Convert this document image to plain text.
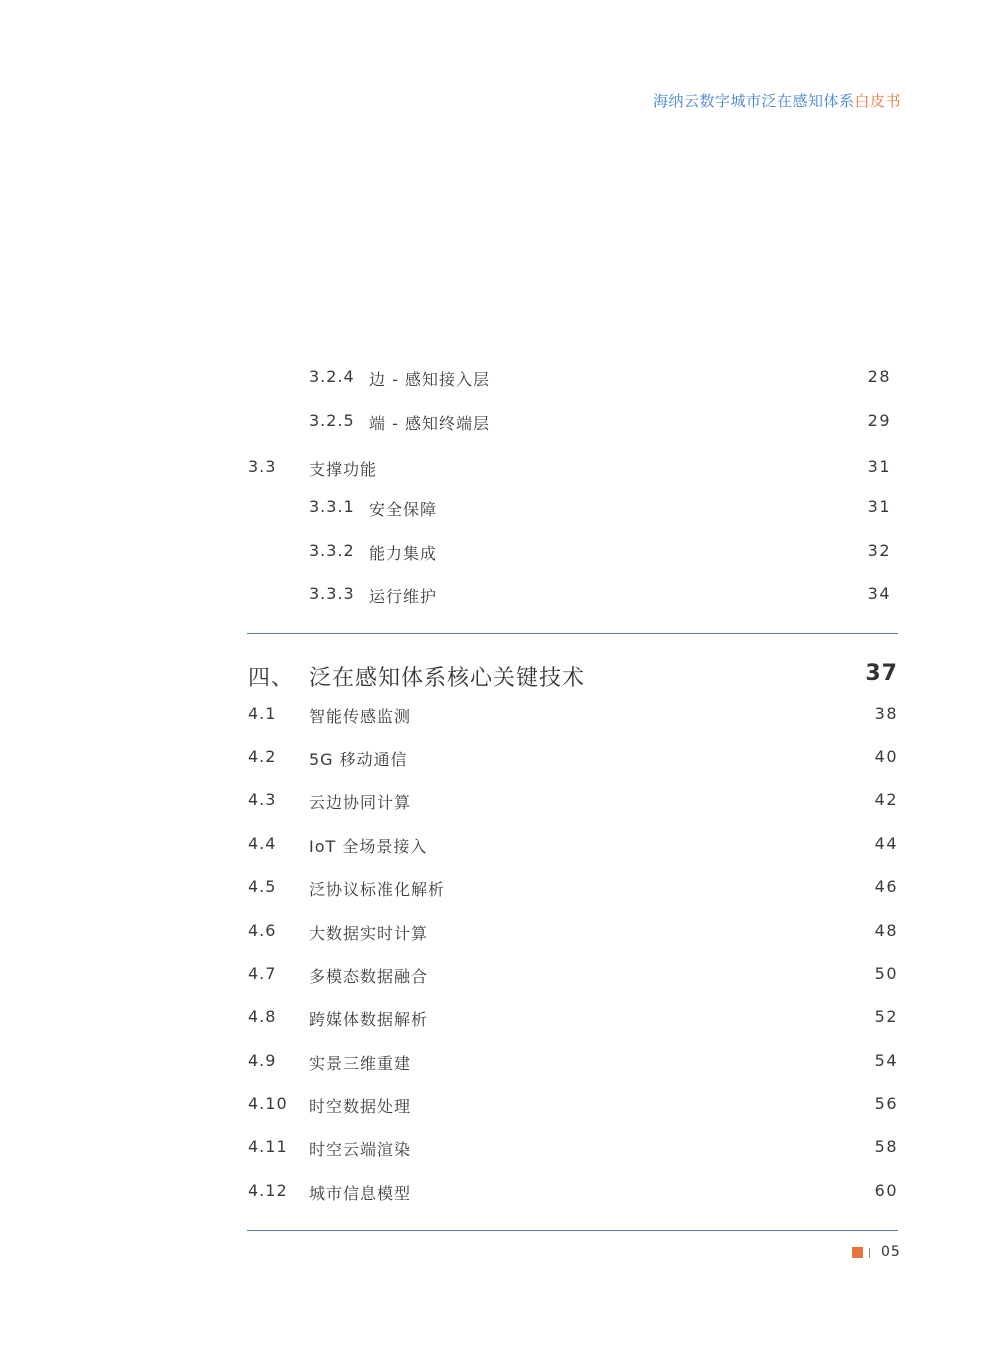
海纳云数字城市泛在感知体系白皮书
3.2.4 边 - 感知接入层	28
3.2.5 端 - 感知终端层	29
3.3 支撑功能	31
3.3.1 安全保障	31
3.3.2 能力集成	32
3.3.3 运行维护	34
四、 泛在感知体系核心关键技术	37
4.1 智能传感监测	38
4.2 5G 移动通信	40
4.3 云边协同计算	42
4.4 IoT 全场景接入	44
4.5 泛协议标准化解析	46
4.6 大数据实时计算	48
4.7 多模态数据融合	50
4.8 跨媒体数据解析	52
4.9 实景三维重建	54
4.10 时空数据处理	56
4.11 时空云端渲染	58
4.12 城市信息模型	60
05
